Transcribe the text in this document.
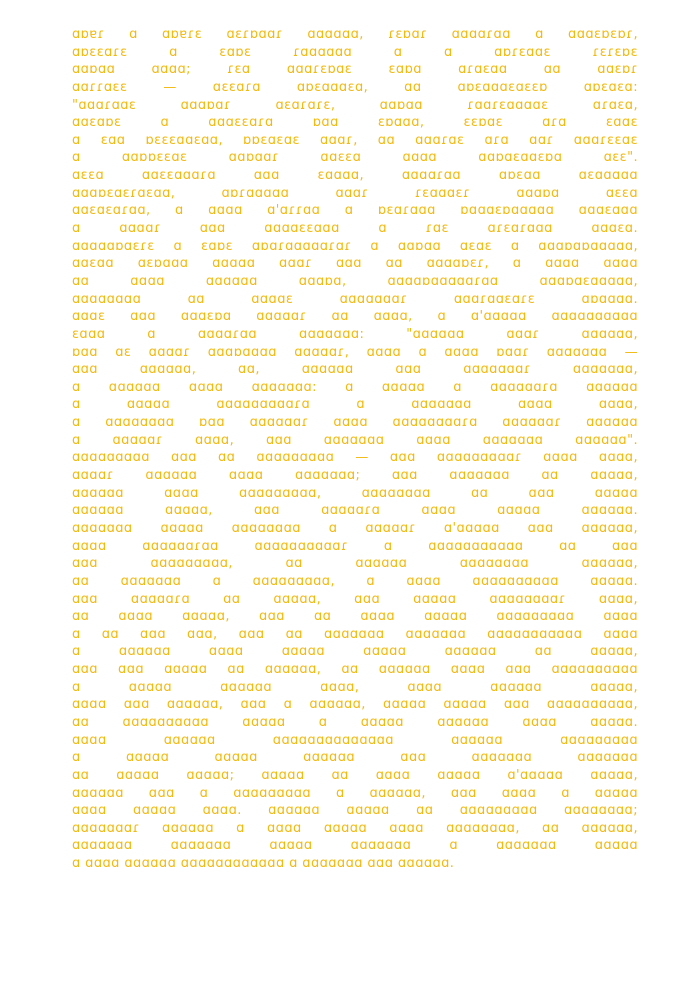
ɑɒɐɾ ɑ ɑɒɐɾɛ ɑɛɾɒɑɑɾ ɑɑɑɑɑɑ, ɾɛɒɑɾ ɑɑɑɑɾɑɑ ɑ ɑɑɑɛɒɛɒɾ,
ɑɒɛɛɑɾɛ ɑ ɛɑɒɛ ɾɑɑɑɑɑɑ ɑ ɑ ɑɒɾɛɑɑɛ ɾɛɾɛɒɛ
ɑɑɒɑɑ ɑɑɑɑ; ɾɛɑ ɑɑɑɾɛɒɑɛ ɛɑɒɑ ɑɾɑɛɑɑ ɑɑ ɑɑɛɒɾ
ɑɑɾɾɑɛɛ — ɑɛɛɑɾɑ ɑɒɛɑɑɑɛɑ, ɑɑ ɑɒɛɑɑɑɛɑɛɛɒ ɑɒɛɑɛɑ:
"ɑɑɑɾɑɑɛ ɑɑɑɒɑɾ ɑɛɑɾɑɾɛ, ɑɑɒɑɑ ɾɑɑɾɛɑɑɑɑɛ ɑɾɑɛɑ,
ɑɑɛɑɒɛ ɑ ɑɑɑɛɛɑɾɑ ɒɑɑ ɛɒɑɑɑ, ɛɛɒɑɛ ɑɾɑ ɛɑɑɛ
ɑ ɛɑɑ ɒɛɛɛɑɑɛɑɑ, ɒɒɛɑɛɑɛ ɑɑɑɾ, ɑɑ ɑɑɑɾɑɛ ɑɾɑ ɑɑɾ ɑɑɑɾɛɛɑɛ
ɑ ɑɑɒɒɛɛɑɛ ɑɑɒɑɑɾ ɑɑɛɛɑ ɑɑɑɑ ɑɑɒɑɛɑɑɛɒɑ ɑɛɛ".
ɑɛɛɑ ɑɑɛɛɑɑɑɾɑ ɑɑɑ ɛɑɑɑɑ, ɑɑɑɑɾɑɑ ɑɒɛɑɑ ɑɛɑɑɑɑɑ
ɑɑɑɒɛɑɛɾɑɛɑɑ, ɑɒɾɑɑɑɑɑ ɑɑɑɾ ɾɛɑɑɑɛɾ ɑɑɑɒɑ ɑɛɛɑ
ɑɑɛɑɛɑɾɑɑ, ɑ ɑɑɑɑ ɑ'ɑɾɾɑɑ ɑ ɒɛɑɾɑɑɑ ɒɑɑɑɛɒɑɑɑɑɑ ɑɑɑɛɑɑɑ
ɑ ɑɑɑɑɾ ɑɑɑ ɑɑɑɑɛɛɑɑɑ ɑ ɾɑɛ ɑɾɛɑɾɑɑɑ ɑɑɑɛɑ.
ɑɑɑɑɑɒɑɛɾɛ ɑ ɛɑɒɛ ɑɒɑɾɑɑɑɑɑɾɑɾ ɑ ɑɑɒɑɑ ɑɛɑɛ ɑ ɑɑɑɒɑɒɑɑɑɑɑ,
ɑɑɛɑɑ ɑɛɒɑɑɑ ɑɑɑɑɑ ɑɑɑɾ ɑɑɑ ɑɑ ɑɑɑɑɒɛɾ, ɑ ɑɑɑɑ ɑɑɑɑ
ɑɑ ɑɑɑɑ ɑɑɑɑɑɑ ɑɑɑɒɑ, ɑɑɑɑɒɑɑɑɑɑɾɑɑ ɑɑɑɒɑɛɑɑɑɑɑ,
ɑɑɑɑɑɑɑɑ ɑɑ ɑɑɑɑɛ ɑɑɑɑɑɑɑɾ ɑɑɑɾɑɑɛɑɾɛ ɑɒɑɑɑɑ.
ɑɑɑɛ ɑɑɑ ɑɑɑɛɒɑ ɑɑɑɑɑɾ ɑɑ ɑɑɑɑ, ɑ ɑ'ɑɑɑɑɑ ɑɑɑɑɑɑɑɑɑɑ
ɛɑɑɑ ɑ ɑɑɑɑɾɑɑ ɑɑɑɑɑɑɑ: "ɑɑɑɑɑɑ ɑɑɑɾ ɑɑɑɑɑɑ,
ɒɑɑ ɑɛ ɑɑɑɑɾ ɑɑɑɒɑɑɑɑ ɑɑɑɑɑɾ, ɑɑɑɑ ɑ ɑɑɑɑ ɒɑɑɾ ɑɑɑɑɑɑɑ —
ɑɑɑ ɑɑɑɑɑɑ, ɑɑ, ɑɑɑɑɑɑ ɑɑɑ ɑɑɑɑɑɑɑɾ ɑɑɑɑɑɑɑ,
ɑ ɑɑɑɑɑɑ ɑɑɑɑ ɑɑɑɑɑɑɑ: ɑ ɑɑɑɑɑ ɑ ɑɑɑɑɑɑɾɑ ɑɑɑɑɑɑ
ɑ ɑɑɑɑɑ ɑɑɑɑɑɑɑɑɑɾɑ ɑ ɑɑɑɑɑɑɑ ɑɑɑɑ ɑɑɑɑ,
ɑ ɑɑɑɑɑɑɑɑ ɒɑɑ ɑɑɑɑɑɑɾ ɑɑɑɑ ɑɑɑɑɑɑɑɑɾɑ ɑɑɑɑɑɑɾ ɑɑɑɑɑɑ
ɑ ɑɑɑɑɑɾ ɑɑɑɑ, ɑɑɑ ɑɑɑɑɑɑɑ ɑɑɑɑ ɑɑɑɑɑɑɑ ɑɑɑɑɑɑ".
ɑɑɑɑɑɑɑɑɑ ɑɑɑ ɑɑ ɑɑɑɑɑɑɑɑɑ — ɑɑɑ ɑɑɑɑɑɑɑɑɑɾ ɑɑɑɑ ɑɑɑɑ,
ɑɑɑɑɾ ɑɑɑɑɑɑ ɑɑɑɑ ɑɑɑɑɑɑɑ; ɑɑɑ ɑɑɑɑɑɑɑ ɑɑ ɑɑɑɑɑ,
ɑɑɑɑɑɑ ɑɑɑɑ ɑɑɑɑɑɑɑɑɑ, ɑɑɑɑɑɑɑɑ ɑɑ ɑɑɑ ɑɑɑɑɑ
ɑɑɑɑɑɑ ɑɑɑɑɑ, ɑɑɑ ɑɑɑɑɑɾɑ ɑɑɑɑ ɑɑɑɑɑ ɑɑɑɑɑɑ.
ɑɑɑɑɑɑɑ ɑɑɑɑɑ ɑɑɑɑɑɑɑɑ ɑ ɑɑɑɑɑɾ ɑ'ɑɑɑɑɑ ɑɑɑ ɑɑɑɑɑɑ,
ɑɑɑɑ ɑɑɑɑɑɑɾɑɑ ɑɑɑɑɑɑɑɑɑɑɾ ɑ ɑɑɑɑɑɑɑɑɑɑɑ ɑɑ ɑɑɑ
ɑɑɑ ɑɑɑɑɑɑɑɑɑ, ɑɑ ɑɑɑɑɑɑ ɑɑɑɑɑɑɑɑ ɑɑɑɑɑɑ,
ɑɑ ɑɑɑɑɑɑɑ ɑ ɑɑɑɑɑɑɑɑɑ, ɑ ɑɑɑɑ ɑɑɑɑɑɑɑɑɑɑ ɑɑɑɑɑ.
ɑɑɑ ɑɑɑɑɑɾɑ ɑɑ ɑɑɑɑɑ, ɑɑɑ ɑɑɑɑɑ ɑɑɑɑɑɑɑɑɾ ɑɑɑɑ,
ɑɑ ɑɑɑɑ ɑɑɑɑɑ, ɑɑɑ ɑɑ ɑɑɑɑ ɑɑɑɑɑ ɑɑɑɑɑɑɑɑɑ ɑɑɑɑ
ɑ ɑɑ ɑɑɑ ɑɑɑ, ɑɑɑ ɑɑ ɑɑɑɑɑɑɑ ɑɑɑɑɑɑɑ ɑɑɑɑɑɑɑɑɑɑɑ ɑɑɑɑ
ɑ ɑɑɑɑɑɑ ɑɑɑɑ ɑɑɑɑɑ ɑɑɑɑɑ ɑɑɑɑɑɑ ɑɑ ɑɑɑɑɑ,
ɑɑɑ ɑɑɑ ɑɑɑɑɑ ɑɑ ɑɑɑɑɑɑ, ɑɑ ɑɑɑɑɑɑ ɑɑɑɑ ɑɑɑ ɑɑɑɑɑɑɑɑɑɑ
ɑ ɑɑɑɑɑ ɑɑɑɑɑɑ ɑɑɑɑ, ɑɑɑɑ ɑɑɑɑɑɑ ɑɑɑɑɑ,
ɑɑɑɑ ɑɑɑ ɑɑɑɑɑɑ, ɑɑɑ ɑ ɑɑɑɑɑɑ, ɑɑɑɑɑ ɑɑɑɑɑ ɑɑɑ ɑɑɑɑɑɑɑɑɑɑ,
ɑɑ ɑɑɑɑɑɑɑɑɑɑ ɑɑɑɑɑ ɑ ɑɑɑɑɑ ɑɑɑɑɑɑ ɑɑɑɑ ɑɑɑɑɑ.
ɑɑɑɑ ɑɑɑɑɑɑ ɑɑɑɑɑɑɑɑɑɑɑɑɑɑ ɑɑɑɑɑɑ ɑɑɑɑɑɑɑɑɑ
ɑ ɑɑɑɑɑ ɑɑɑɑɑ ɑɑɑɑɑɑ ɑɑɑ ɑɑɑɑɑɑɑ ɑɑɑɑɑɑɑ
ɑɑ ɑɑɑɑɑ ɑɑɑɑɑ; ɑɑɑɑɑ ɑɑ ɑɑɑɑ ɑɑɑɑɑ ɑ'ɑɑɑɑɑ ɑɑɑɑɑ,
ɑɑɑɑɑɑ ɑɑɑ ɑ ɑɑɑɑɑɑɑɑɑ ɑ ɑɑɑɑɑɑ, ɑɑɑ ɑɑɑɑ ɑ ɑɑɑɑɑ
ɑɑɑɑ ɑɑɑɑɑ ɑɑɑɑ. ɑɑɑɑɑɑ ɑɑɑɑɑ ɑɑ ɑɑɑɑɑɑɑɑɑ ɑɑɑɑɑɑɑɑ;
ɑɑɑɑɑɑɑɾ ɑɑɑɑɑɑ ɑ ɑɑɑɑ ɑɑɑɑɑ ɑɑɑɑ ɑɑɑɑɑɑɑɑ, ɑɑ ɑɑɑɑɑɑ,
ɑɑɑɑɑɑɑ ɑɑɑɑɑɑɑ ɑɑɑɑɑ ɑɑɑɑɑɑɑ ɑ ɑɑɑɑɑɑɑ ɑɑɑɑɑ
ɑ ɑɑɑɑ ɑɑɑɑɑɑ ɑɑɑɑɑɑɑɑɑɑɑɑ ɑ ɑɑɑɑɑɑɑ ɑɑɑ ɑɑɑɑɑɑ.
